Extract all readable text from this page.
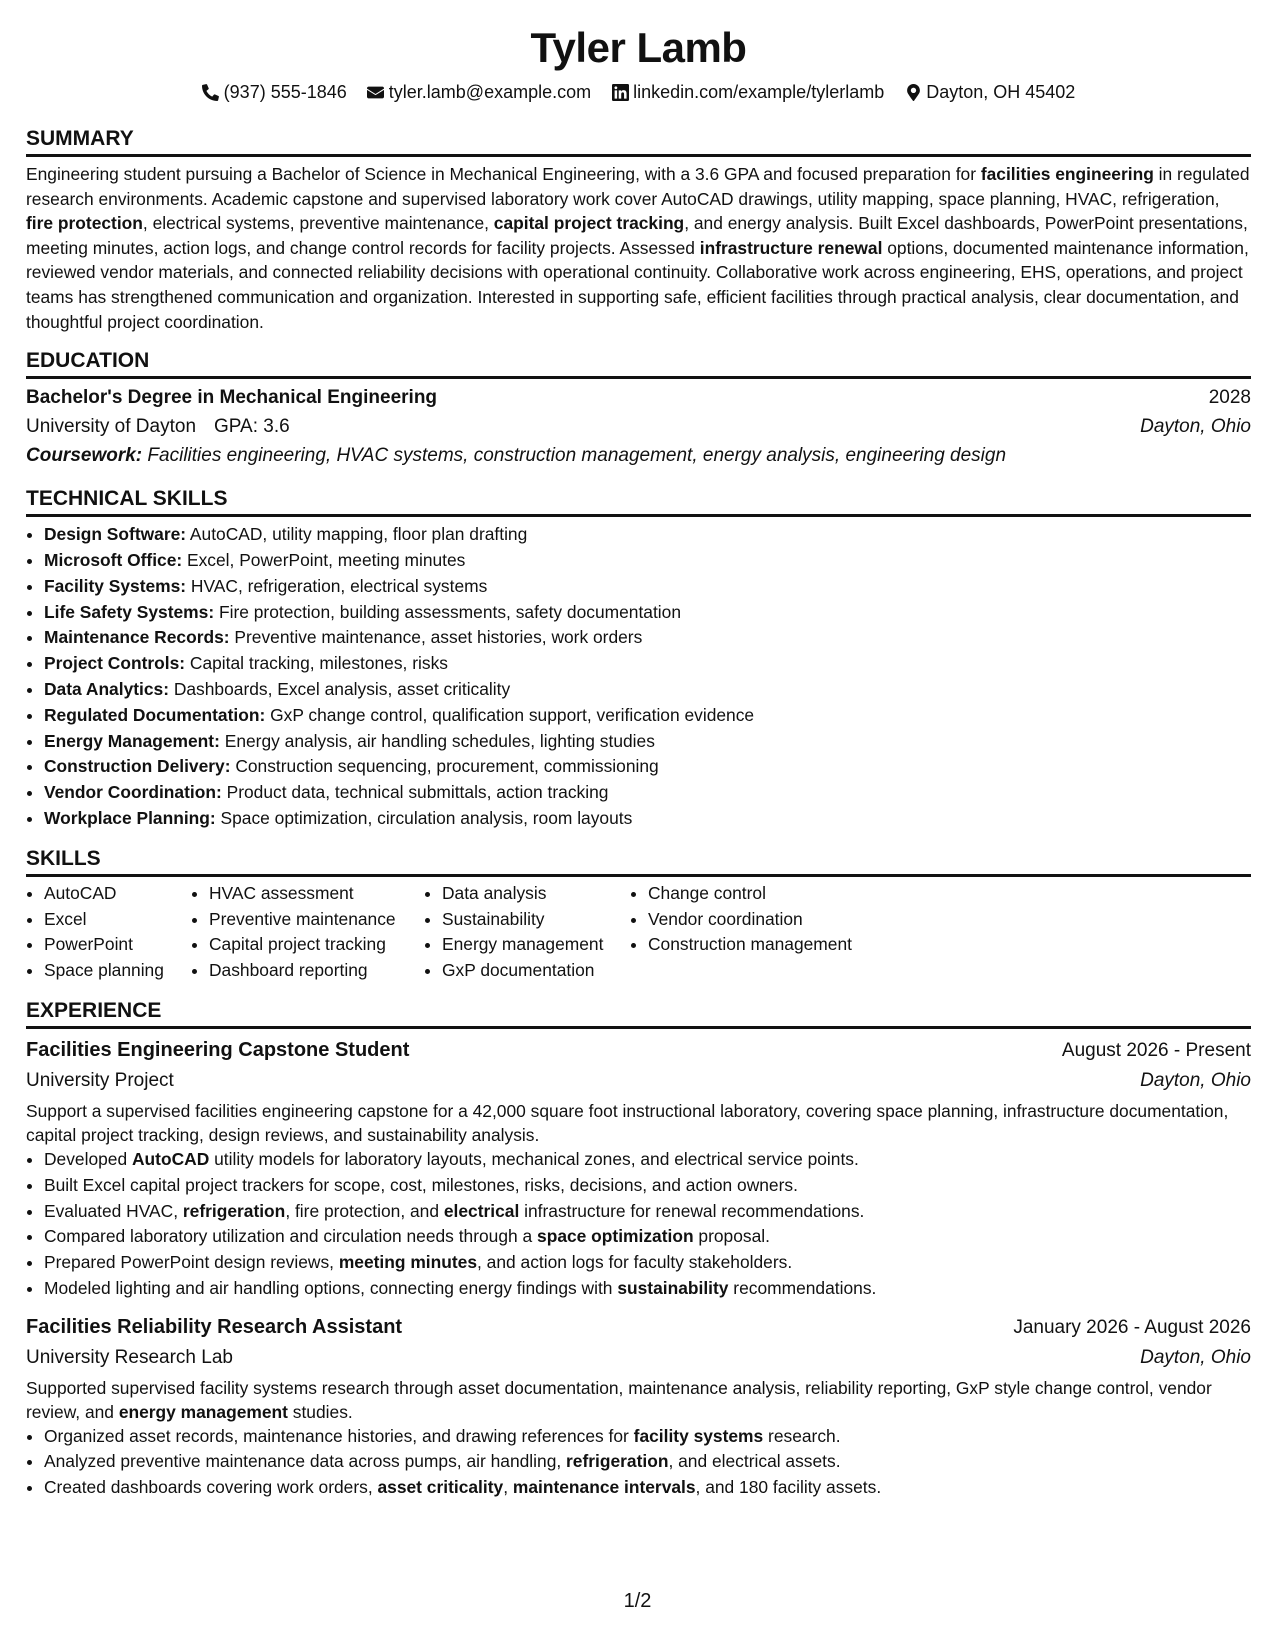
Tyler Lamb
(937) 555-1846 tyler.lamb@example.com linkedin.com/example/tylerlamb Dayton, OH 45402
SUMMARY

Engineering student pursuing a Bachelor of Science in Mechanical Engineering, with a 3.6 GPA and focused preparation for facilities engineering in regulated research environments. Academic capstone and supervised laboratory work cover AutoCAD drawings, utility mapping, space planning, HVAC, refrigeration, fire protection, electrical systems, preventive maintenance, capital project tracking, and energy analysis. Built Excel dashboards, PowerPoint presentations, meeting minutes, action logs, and change control records for facility projects. Assessed infrastructure renewal options, documented maintenance information, reviewed vendor materials, and connected reliability decisions with operational continuity. Collaborative work across engineering, EHS, operations, and project teams has strengthened communication and organization. Interested in supporting safe, efficient facilities through practical analysis, clear documentation, and thoughtful project coordination.

EDUCATION
Bachelor's Degree in Mechanical Engineering	2028
University of Dayton GPA: 3.6	Dayton, Ohio
Coursework: Facilities engineering, HVAC systems, construction management, energy analysis, engineering design
TECHNICAL SKILLS
• Design Software: AutoCAD, utility mapping, floor plan drafting
• Microsoft Office: Excel, PowerPoint, meeting minutes
• Facility Systems: HVAC, refrigeration, electrical systems
• Life Safety Systems: Fire protection, building assessments, safety documentation
• Maintenance Records: Preventive maintenance, asset histories, work orders
• Project Controls: Capital tracking, milestones, risks
• Data Analytics: Dashboards, Excel analysis, asset criticality
• Regulated Documentation: GxP change control, qualification support, verification evidence
• Energy Management: Energy analysis, air handling schedules, lighting studies
• Construction Delivery: Construction sequencing, procurement, commissioning
• Vendor Coordination: Product data, technical submittals, action tracking
• Workplace Planning: Space optimization, circulation analysis, room layouts
SKILLS
• AutoCAD
• Excel
• PowerPoint
• Space planning
• HVAC assessment
• Preventive maintenance
• Capital project tracking
• Dashboard reporting
• Data analysis
• Sustainability
• Energy management
• GxP documentation
• Change control
• Vendor coordination
• Construction management
EXPERIENCE
Facilities Engineering Capstone Student	August 2026 - Present
University Project	Dayton, Ohio

Support a supervised facilities engineering capstone for a 42,000 square foot instructional laboratory, covering space planning, infrastructure documentation, capital project tracking, design reviews, and sustainability analysis.

• Developed AutoCAD utility models for laboratory layouts, mechanical zones, and electrical service points.
• Built Excel capital project trackers for scope, cost, milestones, risks, decisions, and action owners.
• Evaluated HVAC, refrigeration, fire protection, and electrical infrastructure for renewal recommendations.
• Compared laboratory utilization and circulation needs through a space optimization proposal.
• Prepared PowerPoint design reviews, meeting minutes, and action logs for faculty stakeholders.
• Modeled lighting and air handling options, connecting energy findings with sustainability recommendations.
Facilities Reliability Research Assistant	January 2026 - August 2026
University Research Lab	Dayton, Ohio

Supported supervised facility systems research through asset documentation, maintenance analysis, reliability reporting, GxP style change control, vendor review, and energy management studies.

• Organized asset records, maintenance histories, and drawing references for facility systems research.
• Analyzed preventive maintenance data across pumps, air handling, refrigeration, and electrical assets.
• Created dashboards covering work orders, asset criticality, maintenance intervals, and 180 facility assets.
1/2
